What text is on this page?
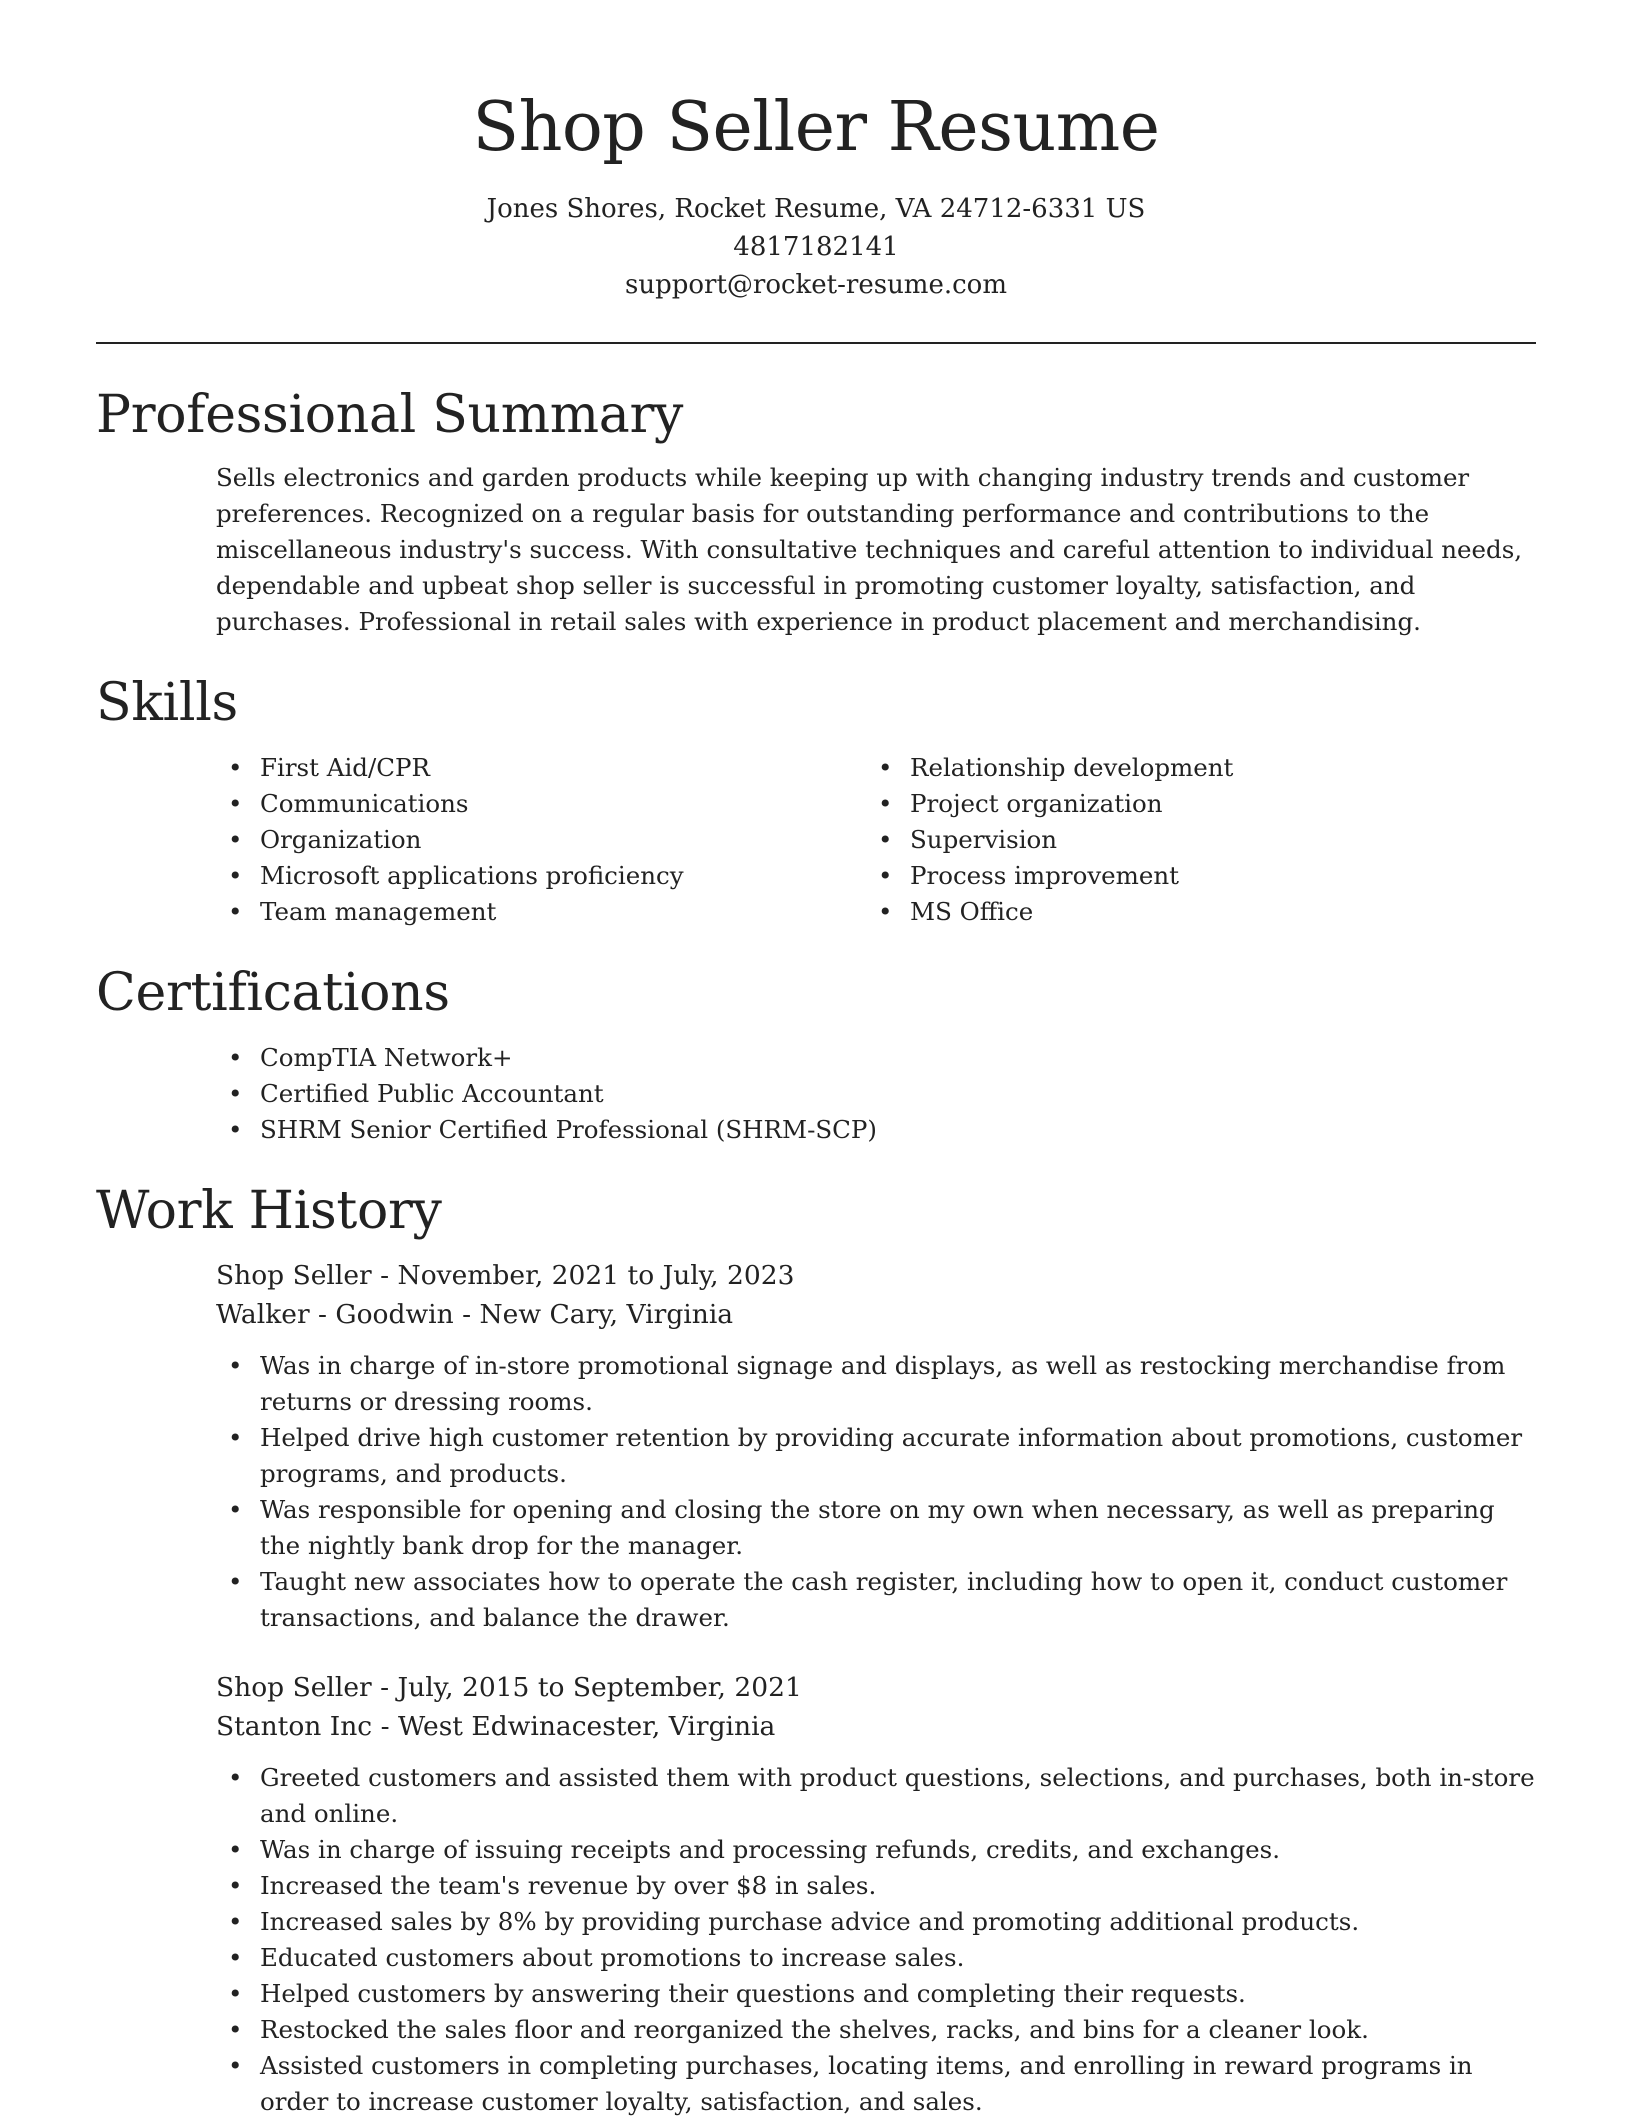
Shop Seller Resume
Jones Shores, Rocket Resume, VA 24712-6331 US
4817182141
support@rocket-resume.com
Professional Summary

Sells electronics and garden products while keeping up with changing industry trends and customer preferences. Recognized on a regular basis for outstanding performance and contributions to the miscellaneous industry's success. With consultative techniques and careful attention to individual needs, dependable and upbeat shop seller is successful in promoting customer loyalty, satisfaction, and purchases. Professional in retail sales with experience in product placement and merchandising.

Skills
• First Aid/CPR
• Communications
• Organization
• Microsoft applications proficiency
• Team management
• Relationship development
• Project organization
• Supervision
• Process improvement
• MS Office
Certifications
• CompTIA Network+
• Certified Public Accountant
• SHRM Senior Certified Professional (SHRM-SCP)
Work History
Shop Seller - November, 2021 to July, 2023
Walker - Goodwin - New Cary, Virginia
• Was in charge of in-store promotional signage and displays, as well as restocking merchandise from returns or dressing rooms.
• Helped drive high customer retention by providing accurate information about promotions, customer programs, and products.
• Was responsible for opening and closing the store on my own when necessary, as well as preparing the nightly bank drop for the manager.
• Taught new associates how to operate the cash register, including how to open it, conduct customer transactions, and balance the drawer.
Shop Seller - July, 2015 to September, 2021
Stanton Inc - West Edwinacester, Virginia
• Greeted customers and assisted them with product questions, selections, and purchases, both in-store and online.
• Was in charge of issuing receipts and processing refunds, credits, and exchanges.
• Increased the team's revenue by over $8 in sales.
• Increased sales by 8% by providing purchase advice and promoting additional products.
• Educated customers about promotions to increase sales.
• Helped customers by answering their questions and completing their requests.
• Restocked the sales floor and reorganized the shelves, racks, and bins for a cleaner look.
• Assisted customers in completing purchases, locating items, and enrolling in reward programs in order to increase customer loyalty, satisfaction, and sales.
